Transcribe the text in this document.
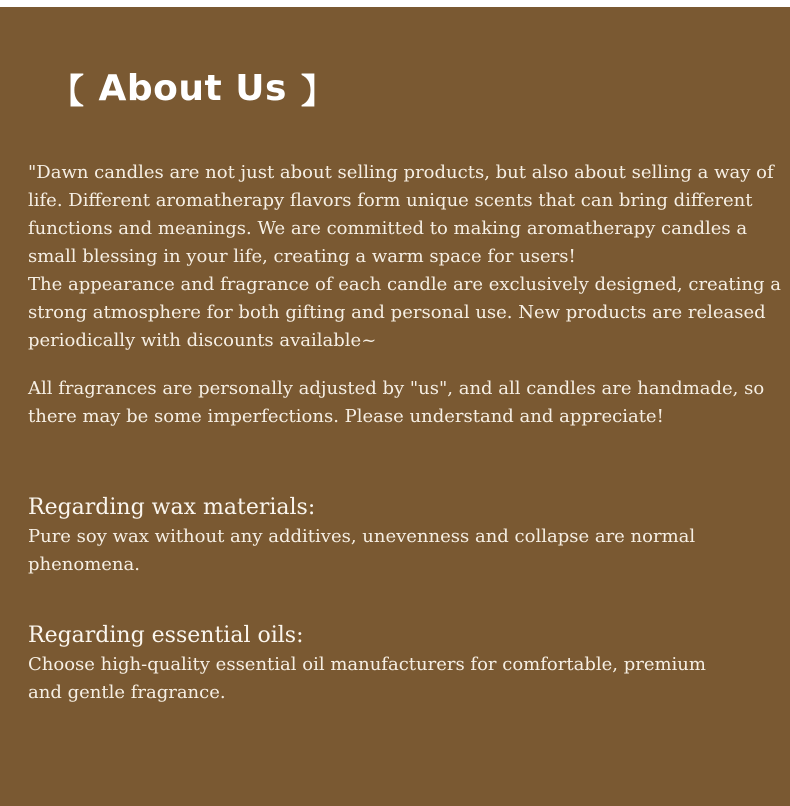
【 About Us 】

"Dawn candles are not just about selling products, but also about selling a way of
life. Different aromatherapy flavors form unique scents that can bring different
functions and meanings. We are committed to making aromatherapy candles a
small blessing in your life, creating a warm space for users!
The appearance and fragrance of each candle are exclusively designed, creating a
strong atmosphere for both gifting and personal use. New products are released
periodically with discounts available~

All fragrances are personally adjusted by "us", and all candles are handmade, so
there may be some imperfections. Please understand and appreciate!

Regarding wax materials:

Pure soy wax without any additives, unevenness and collapse are normal
phenomena.

Regarding essential oils:

Choose high-quality essential oil manufacturers for comfortable, premium
and gentle fragrance.
